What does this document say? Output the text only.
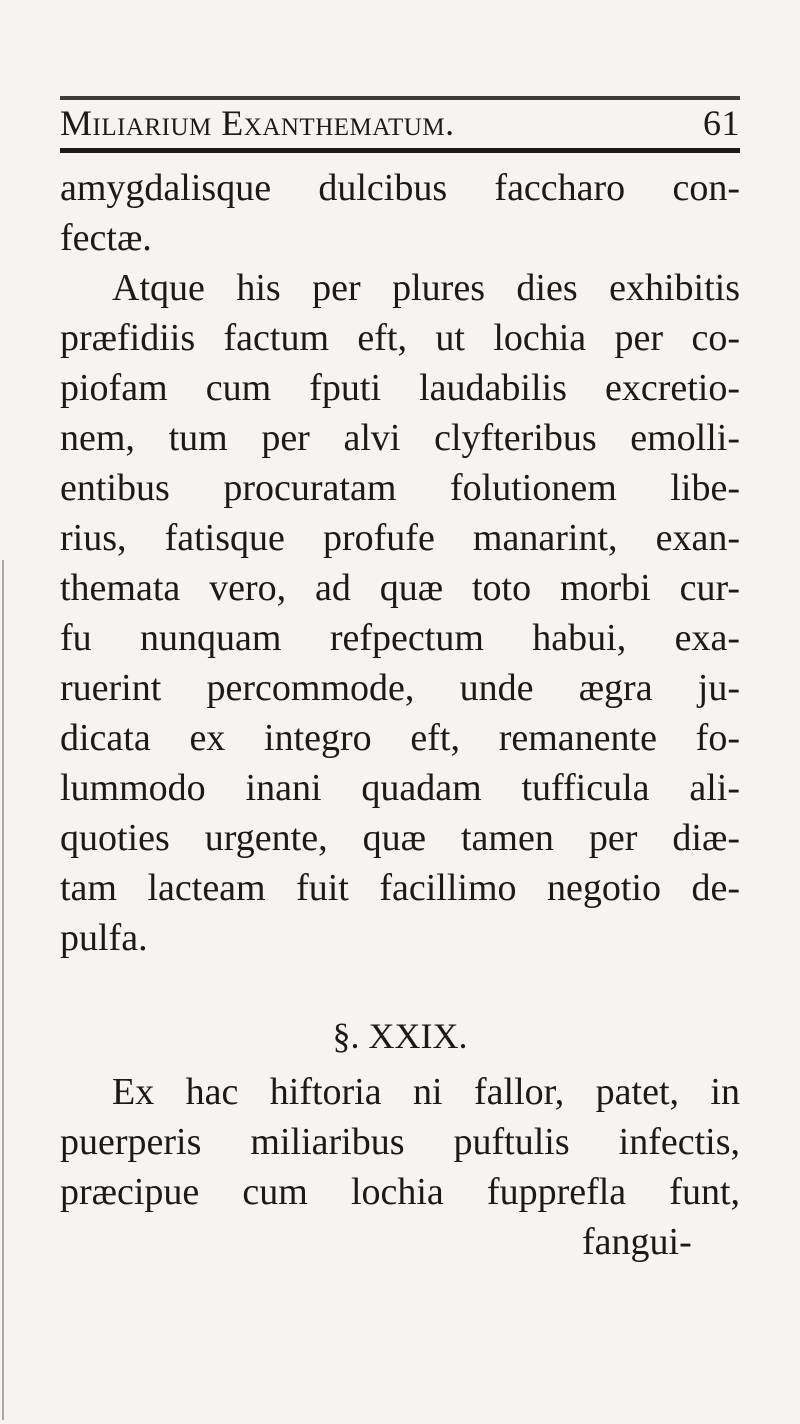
Miliarium Exanthematum.	61
amygdalisque dulcibus faccharo con-
fectæ.
Atque his per plures dies exhibitis
præfidiis factum eft, ut lochia per co-
piofam cum fputi laudabilis excretio-
nem, tum per alvi clyfteribus emolli-
entibus procuratam folutionem libe-
rius, fatisque profufe manarint, exan-
themata vero, ad quæ toto morbi cur-
fu nunquam refpectum habui, exa-
ruerint percommode, unde ægra ju-
dicata ex integro eft, remanente fo-
lummodo inani quadam tufficula ali-
quoties urgente, quæ tamen per diæ-
tam lacteam fuit facillimo negotio de-
pulfa.
§. XXIX.
Ex hac hiftoria ni fallor, patet, in
puerperis miliaribus puftulis infectis,
præcipue cum lochia fupprefla funt,
fangui-
